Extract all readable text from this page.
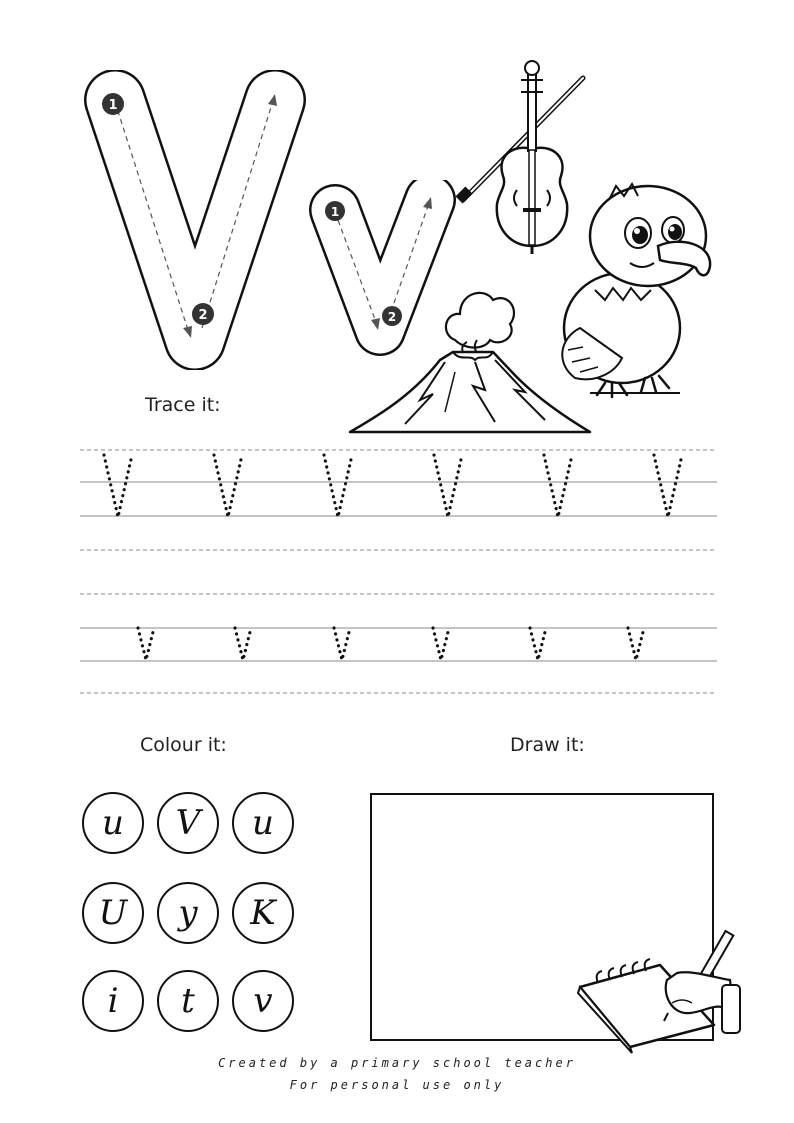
1
2
1
2
Trace it:
Colour it:	Draw it:
u	V	u
U	y	K
i	t	v
Created by a primary school teacher
For personal use only
